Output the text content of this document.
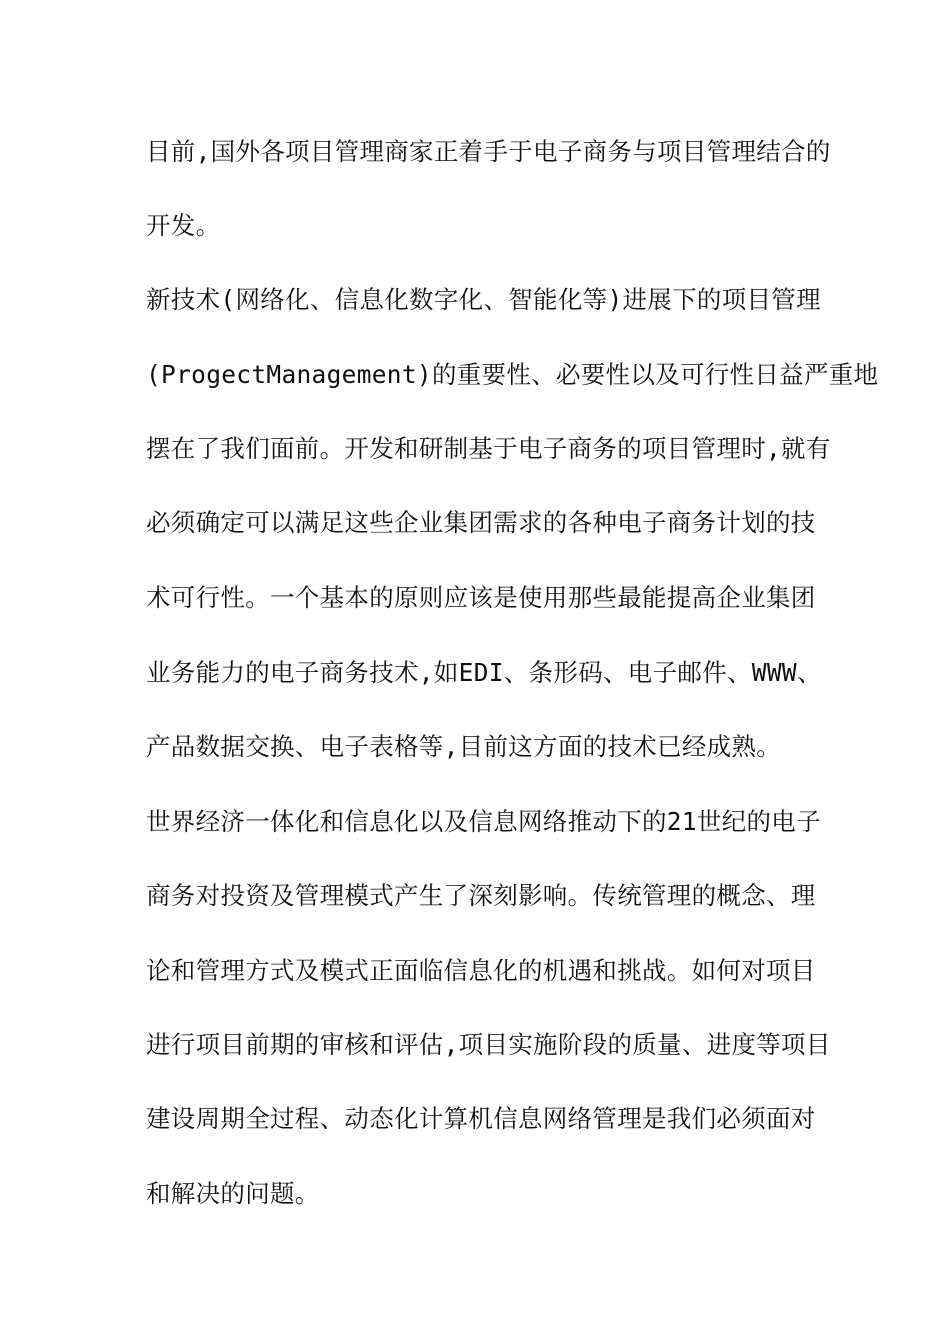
目前,国外各项目管理商家正着手于电子商务与项目管理结合的
开发。
新技术(网络化、信息化数字化、智能化等)进展下的项目管理
(ProgectManagement)的重要性、必要性以及可行性日益严重地
摆在了我们面前。开发和研制基于电子商务的项目管理时,就有
必须确定可以满足这些企业集团需求的各种电子商务计划的技
术可行性。一个基本的原则应该是使用那些最能提高企业集团
业务能力的电子商务技术,如EDI、条形码、电子邮件、WWW、
产品数据交换、电子表格等,目前这方面的技术已经成熟。
世界经济一体化和信息化以及信息网络推动下的21世纪的电子
商务对投资及管理模式产生了深刻影响。传统管理的概念、理
论和管理方式及模式正面临信息化的机遇和挑战。如何对项目
进行项目前期的审核和评估,项目实施阶段的质量、进度等项目
建设周期全过程、动态化计算机信息网络管理是我们必须面对
和解决的问题。
